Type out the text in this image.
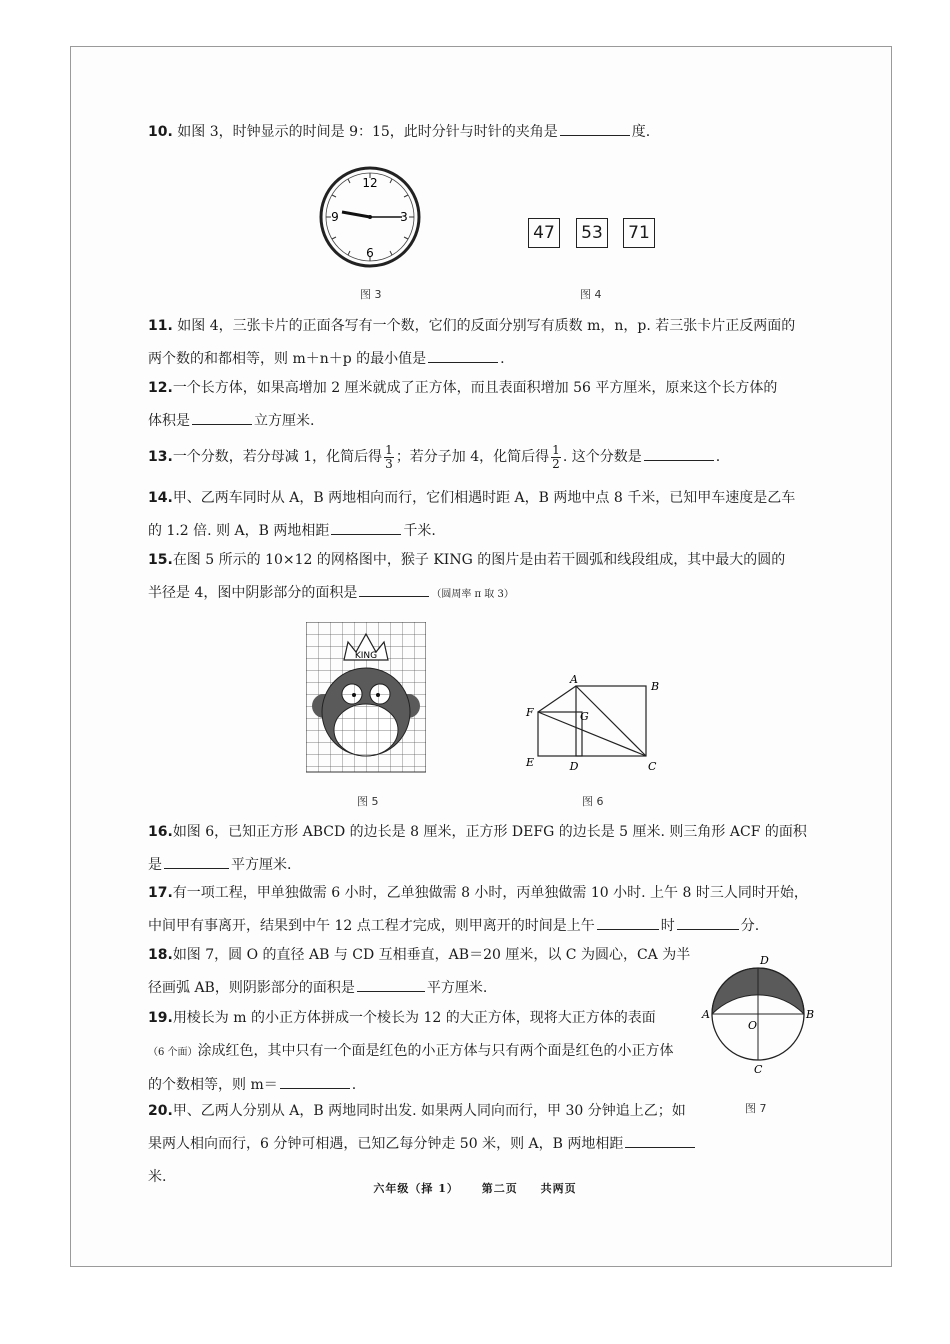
10. 如图 3，时钟显示的时间是 9：15，此时分针与时针的夹角是	度.
12
3
6
9
图 3
47	53	71
图 4
11. 如图 4，三张卡片的正面各写有一个数，它们的反面分别写有质数 m，n，p. 若三张卡片正反两面的
两个数的和都相等，则 m＋n＋p 的最小值是	.
12.一个长方体，如果高增加 2 厘米就成了正方体，而且表面积增加 56 平方厘米，原来这个长方体的
体积是	立方厘米.
13.一个分数，若分母减 1，化简后得 $\frac{1}{3}$ ；若分子加 4，化简后得 $\frac{1}{2}$ . 这个分数是	.
14.甲、乙两车同时从 A，B 两地相向而行，它们相遇时距 A，B 两地中点 8 千米，已知甲车速度是乙车
的 1.2 倍. 则 A，B 两地相距	千米.
15.在图 5 所示的 10×12 的网格图中，猴子 KING 的图片是由若干圆弧和线段组成，其中最大的圆的
半径是 4，图中阴影部分的面积是	（圆周率 π 取 3）
KING
图 5
A
B
C
D
E
F	G
图 6
16.如图 6，已知正方形 ABCD 的边长是 8 厘米，正方形 DEFG 的边长是 5 厘米. 则三角形 ACF 的面积
是	平方厘米.
17.有一项工程，甲单独做需 6 小时，乙单独做需 8 小时，丙单独做需 10 小时. 上午 8 时三人同时开始，
中间甲有事离开，结果到中午 12 点工程才完成，则甲离开的时间是上午	时	分.
18.如图 7，圆 O 的直径 AB 与 CD 互相垂直，AB＝20 厘米，以 C 为圆心，CA 为半
径画弧 AB，则阴影部分的面积是	平方厘米.
D
A	B
O
C
图 7
19.用棱长为 m 的小正方体拼成一个棱长为 12 的大正方体，现将大正方体的表面
（6 个面）涂成红色，其中只有一个面是红色的小正方体与只有两个面是红色的小正方体
的个数相等，则 m＝	.
20.甲、乙两人分别从 A，B 两地同时出发. 如果两人同向而行，甲 30 分钟追上乙；如
果两人相向而行，6 分钟可相遇，已知乙每分钟走 50 米，则 A，B 两地相距米.
六年级（择 1） 第二页 共两页
